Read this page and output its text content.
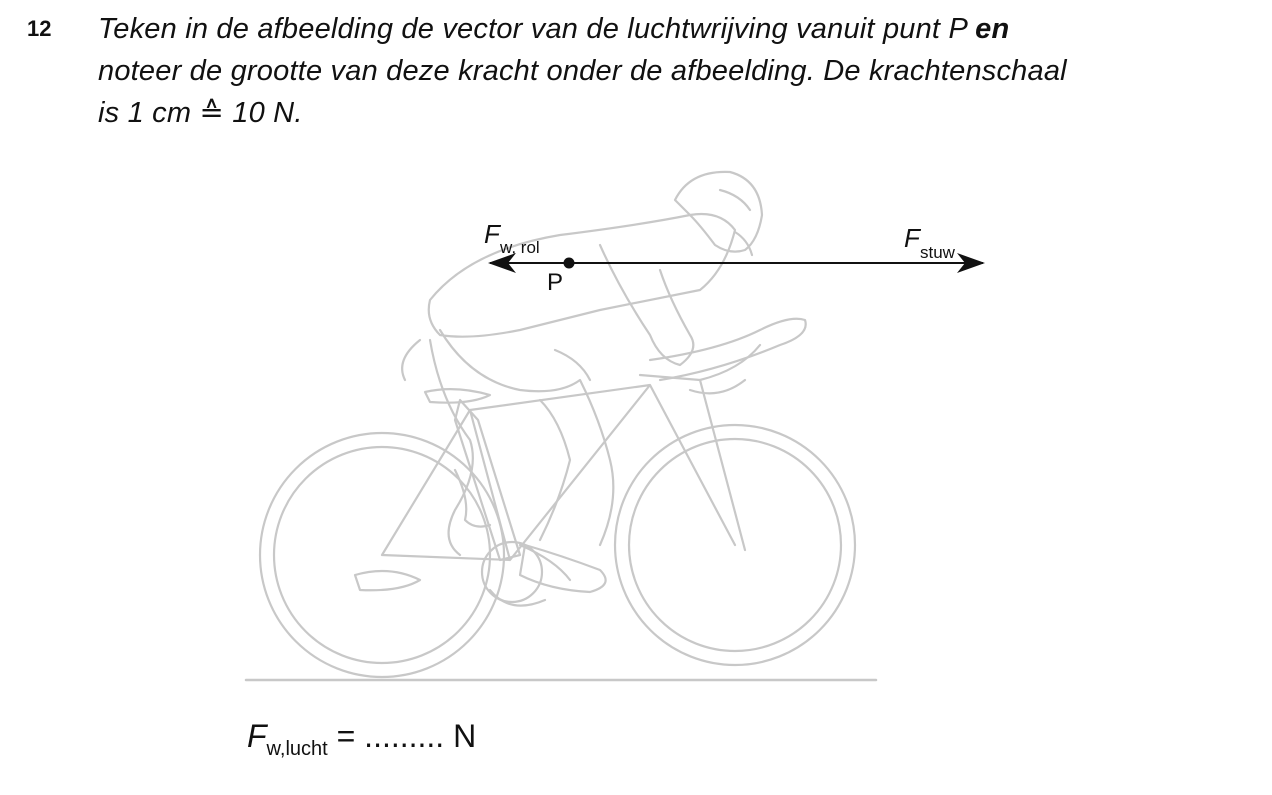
12 Teken in de afbeelding de vector van de luchtwrijving vanuit punt P en
noteer de grootte van deze kracht onder de afbeelding. De krachtenschaal
is 1 cm ≙ 10 N.
F w, rol
P
F stuw
$F_{w,lucht}$ = ......... N
